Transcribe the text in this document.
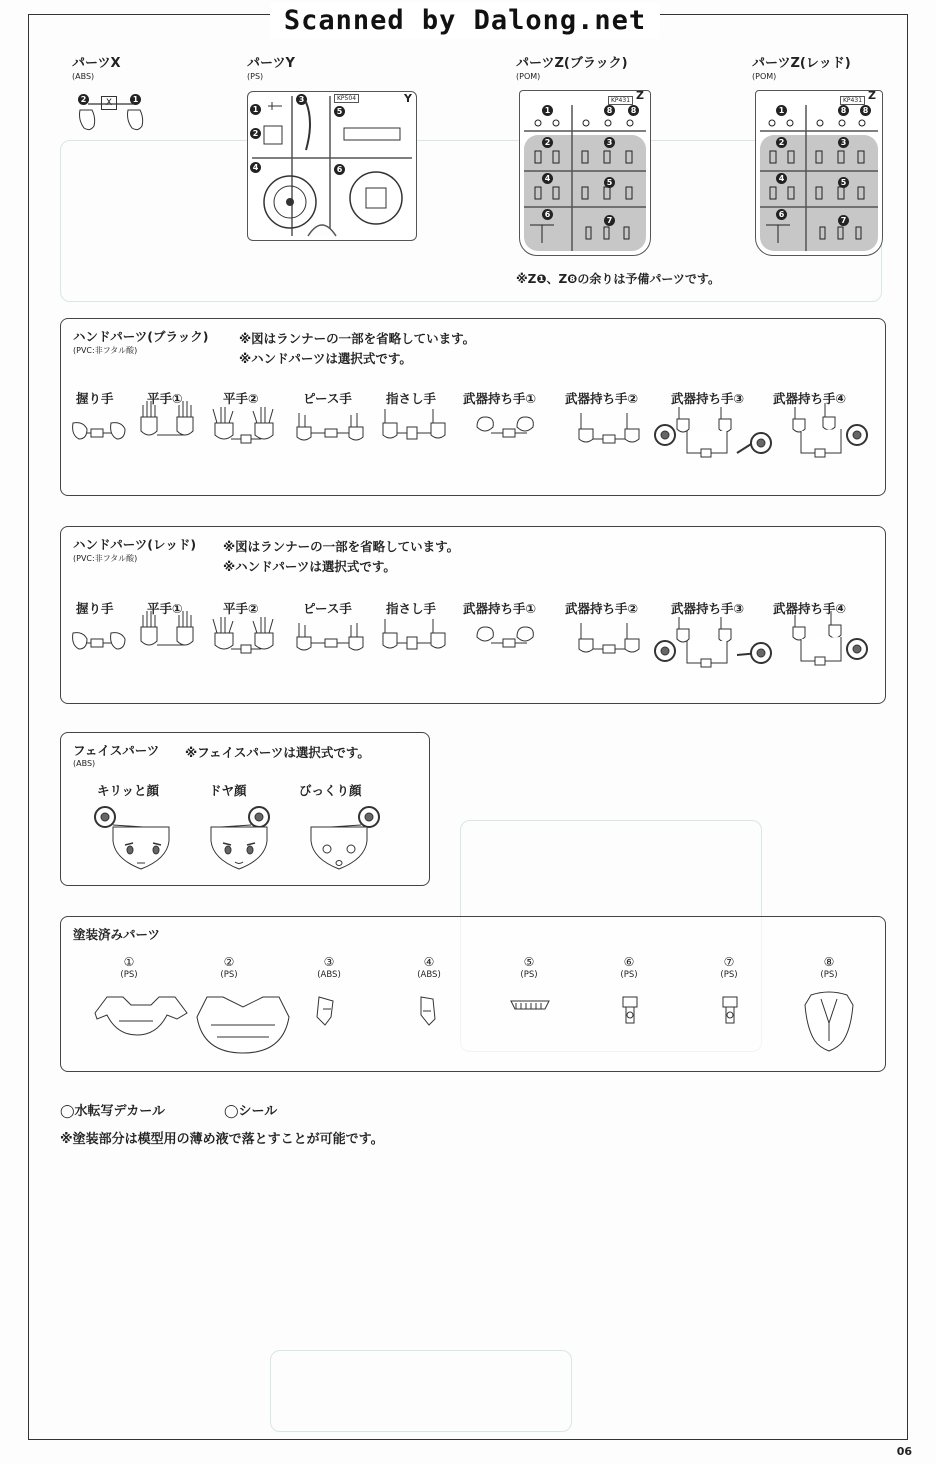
Scanned by Dalong.net

パーツX

(ABS)

2	1
X

パーツY

(PS)

Y
KP504
1
2
3
4
5
6

パーツZ(ブラック)

(POM)

Z
KP431
1	8	8
2	3
4	5
6
7

パーツZ(レッド)

(POM)

Z
KP431
1	8	8
2	3
4	5
6
7
※Z❶、Z❽の余りは予備パーツです。
ハンドパーツ(ブラック)
(PVC:非フタル酸)
※図はランナーの一部を省略しています。
※ハンドパーツは選択式です。
握り手	平手①	平手②	ピース手	指さし手 武器持ち手① 武器持ち手②	武器持ち手③ 武器持ち手④
ハンドパーツ(レッド)
(PVC:非フタル酸)
※図はランナーの一部を省略しています。
※ハンドパーツは選択式です。
握り手	平手①	平手②	ピース手	指さし手 武器持ち手① 武器持ち手②	武器持ち手③ 武器持ち手④
フェイスパーツ
(ABS)
※フェイスパーツは選択式です。
キリッと顔	ドヤ顔	びっくり顔
塗装済みパーツ
①
(PS)
②
(PS)
③
(ABS)
④
(ABS)
⑤
(PS)
⑥
(PS)
⑦
(PS)
⑧
(PS)
◯水転写デカール	◯シール
※塗装部分は模型用の薄め液で落とすことが可能です。
06
